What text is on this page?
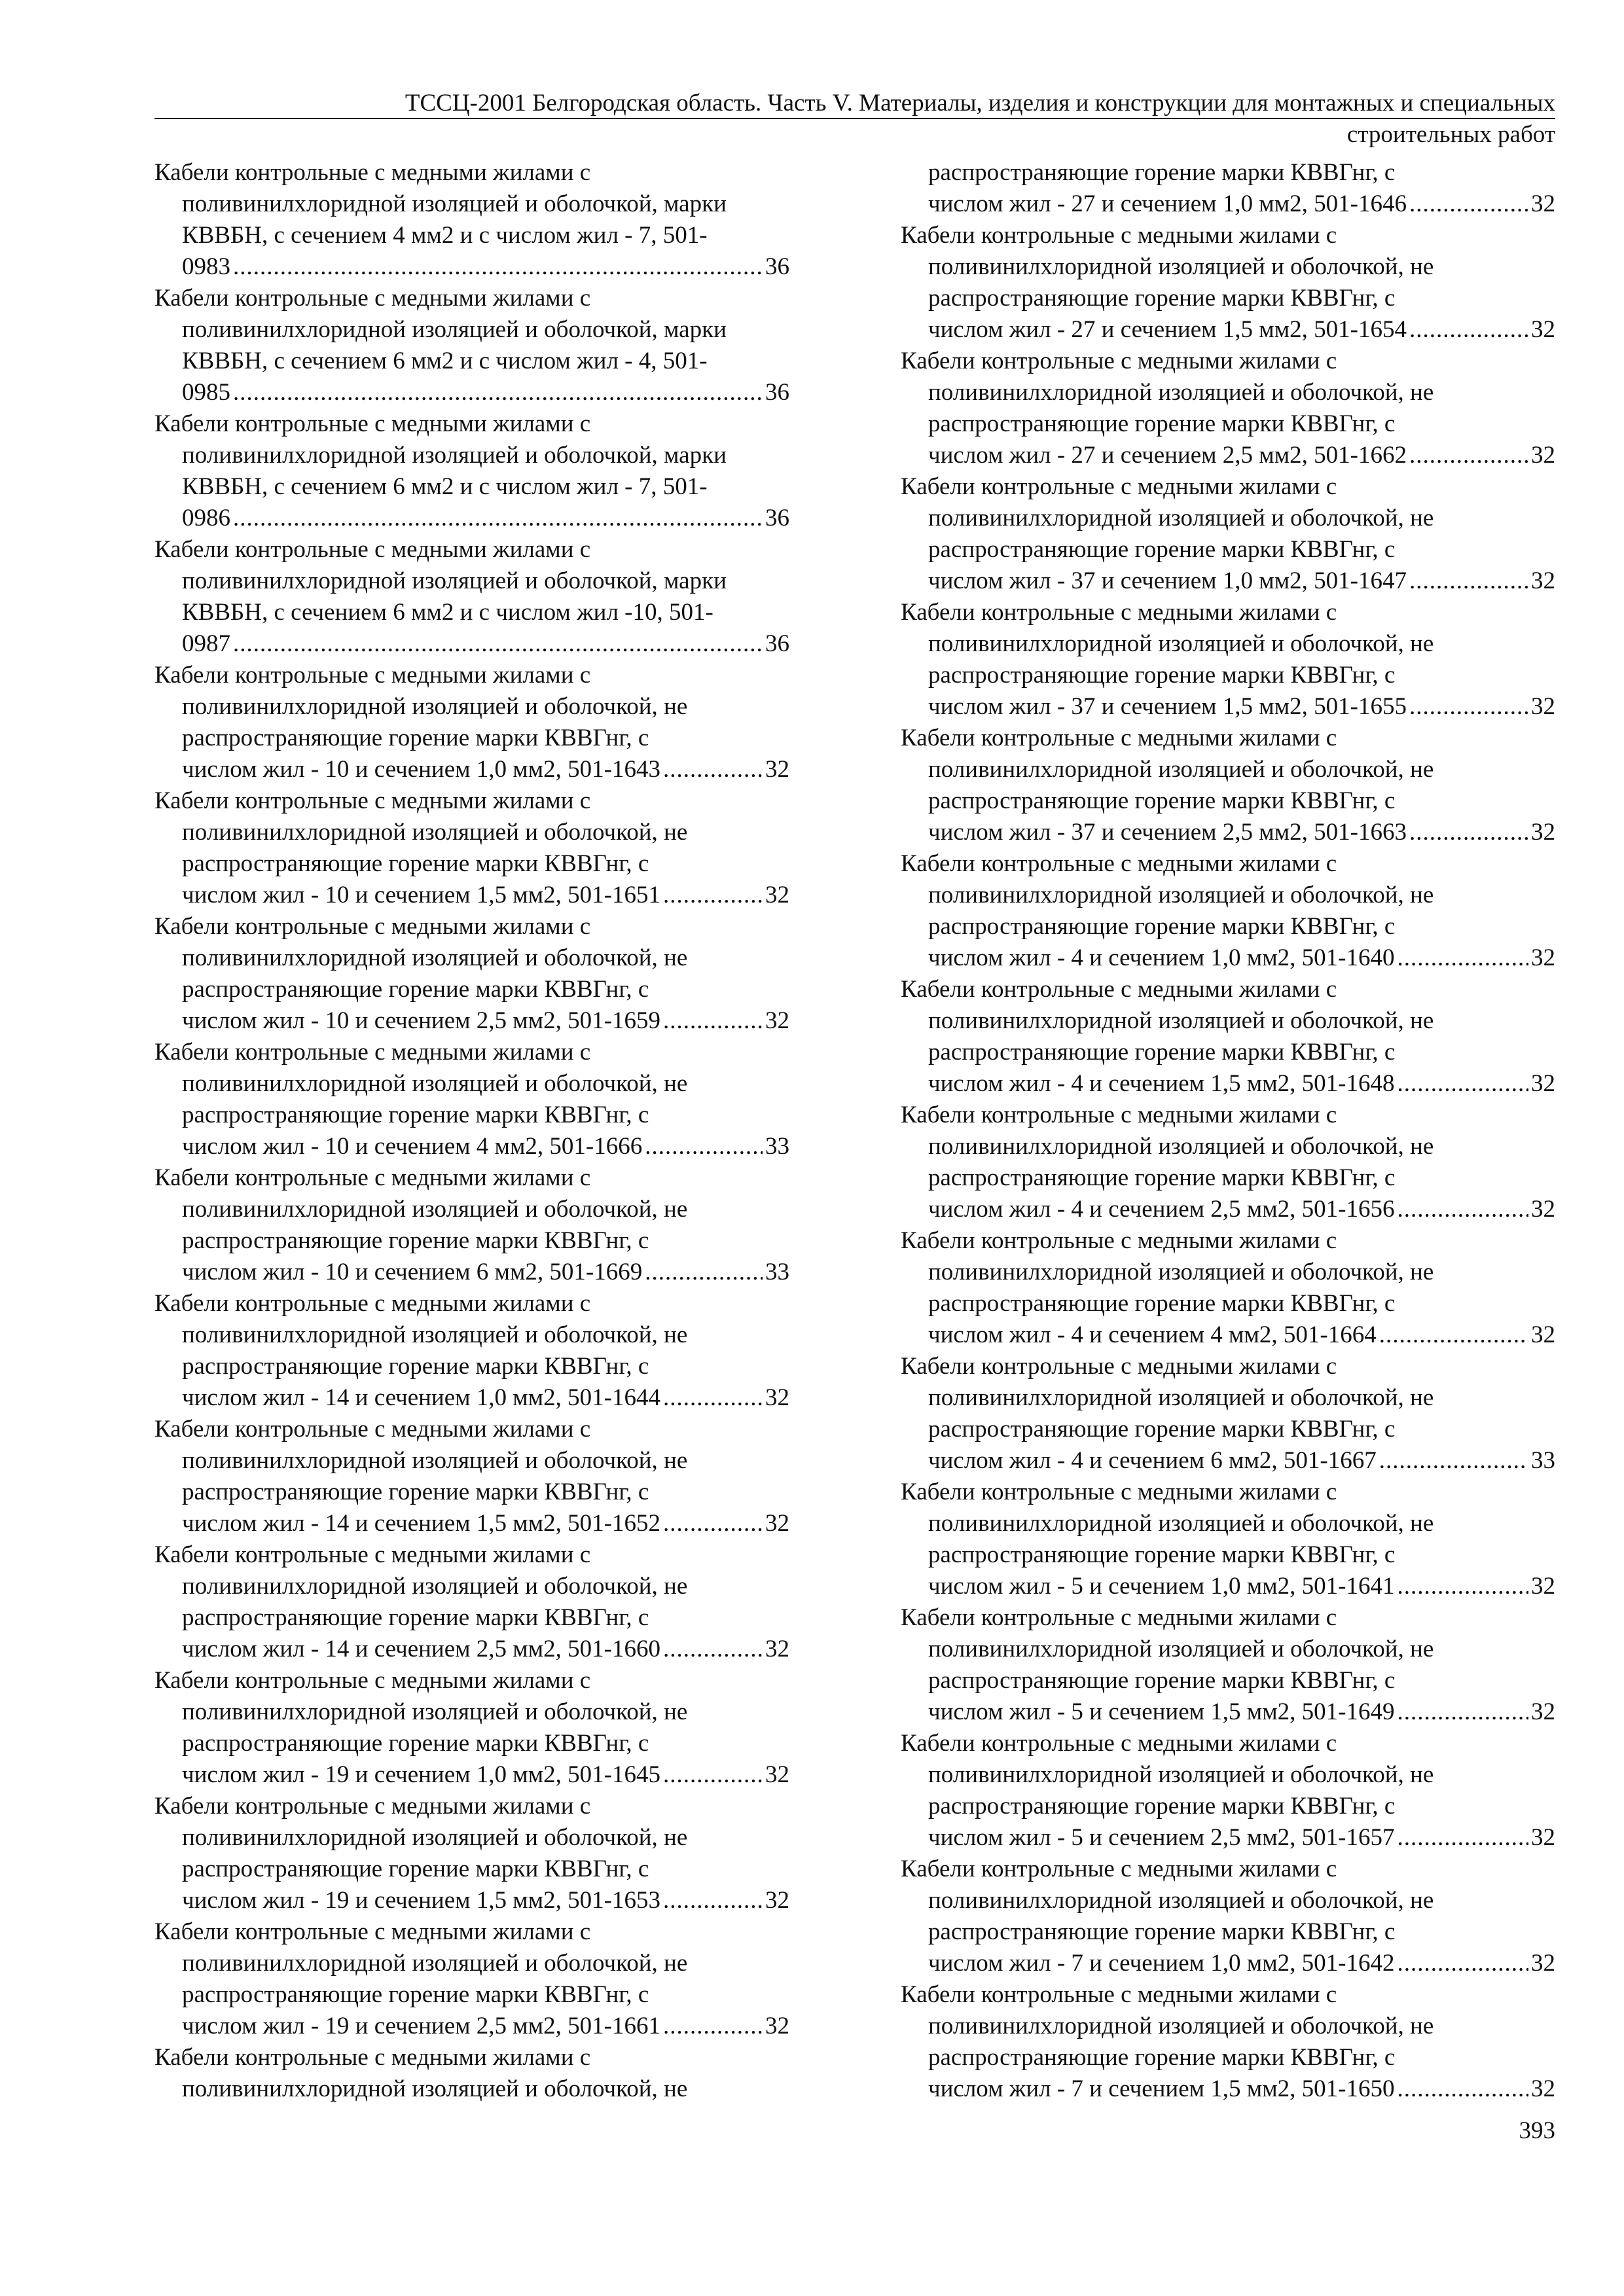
ТССЦ-2001 Белгородская область. Часть V. Материалы, изделия и конструкции для монтажных и специальных
строительных работ
Кабели контрольные с медными жилами с
поливинилхлоридной изоляцией и оболочкой, марки
КВВБН, с сечением 4 мм2 и с числом жил - 7, 501-
0983 .....	36
Кабели контрольные с медными жилами с
поливинилхлоридной изоляцией и оболочкой, марки
КВВБН, с сечением 6 мм2 и с числом жил - 4, 501-
0985 .....	36
Кабели контрольные с медными жилами с
поливинилхлоридной изоляцией и оболочкой, марки
КВВБН, с сечением 6 мм2 и с числом жил - 7, 501-
0986 .....	36
Кабели контрольные с медными жилами с
поливинилхлоридной изоляцией и оболочкой, марки
КВВБН, с сечением 6 мм2 и с числом жил -10, 501-
0987 .....	36
Кабели контрольные с медными жилами с
поливинилхлоридной изоляцией и оболочкой, не
распространяющие горение марки КВВГнг, с
числом жил - 10 и сечением 1,0 мм2, 501-1643 .....	32
Кабели контрольные с медными жилами с
поливинилхлоридной изоляцией и оболочкой, не
распространяющие горение марки КВВГнг, с
числом жил - 10 и сечением 1,5 мм2, 501-1651 .....	32
Кабели контрольные с медными жилами с
поливинилхлоридной изоляцией и оболочкой, не
распространяющие горение марки КВВГнг, с
числом жил - 10 и сечением 2,5 мм2, 501-1659 .....	32
Кабели контрольные с медными жилами с
поливинилхлоридной изоляцией и оболочкой, не
распространяющие горение марки КВВГнг, с
числом жил - 10 и сечением 4 мм2, 501-1666 .....	33
Кабели контрольные с медными жилами с
поливинилхлоридной изоляцией и оболочкой, не
распространяющие горение марки КВВГнг, с
числом жил - 10 и сечением 6 мм2, 501-1669 .....	33
Кабели контрольные с медными жилами с
поливинилхлоридной изоляцией и оболочкой, не
распространяющие горение марки КВВГнг, с
числом жил - 14 и сечением 1,0 мм2, 501-1644 .....	32
Кабели контрольные с медными жилами с
поливинилхлоридной изоляцией и оболочкой, не
распространяющие горение марки КВВГнг, с
числом жил - 14 и сечением 1,5 мм2, 501-1652 .....	32
Кабели контрольные с медными жилами с
поливинилхлоридной изоляцией и оболочкой, не
распространяющие горение марки КВВГнг, с
числом жил - 14 и сечением 2,5 мм2, 501-1660 .....	32
Кабели контрольные с медными жилами с
поливинилхлоридной изоляцией и оболочкой, не
распространяющие горение марки КВВГнг, с
числом жил - 19 и сечением 1,0 мм2, 501-1645 .....	32
Кабели контрольные с медными жилами с
поливинилхлоридной изоляцией и оболочкой, не
распространяющие горение марки КВВГнг, с
числом жил - 19 и сечением 1,5 мм2, 501-1653 .....	32
Кабели контрольные с медными жилами с
поливинилхлоридной изоляцией и оболочкой, не
распространяющие горение марки КВВГнг, с
числом жил - 19 и сечением 2,5 мм2, 501-1661 .....	32
Кабели контрольные с медными жилами с
поливинилхлоридной изоляцией и оболочкой, не
распространяющие горение марки КВВГнг, с
числом жил - 27 и сечением 1,0 мм2, 501-1646 .....	32
Кабели контрольные с медными жилами с
поливинилхлоридной изоляцией и оболочкой, не
распространяющие горение марки КВВГнг, с
числом жил - 27 и сечением 1,5 мм2, 501-1654 .....	32
Кабели контрольные с медными жилами с
поливинилхлоридной изоляцией и оболочкой, не
распространяющие горение марки КВВГнг, с
числом жил - 27 и сечением 2,5 мм2, 501-1662 .....	32
Кабели контрольные с медными жилами с
поливинилхлоридной изоляцией и оболочкой, не
распространяющие горение марки КВВГнг, с
числом жил - 37 и сечением 1,0 мм2, 501-1647 .....	32
Кабели контрольные с медными жилами с
поливинилхлоридной изоляцией и оболочкой, не
распространяющие горение марки КВВГнг, с
числом жил - 37 и сечением 1,5 мм2, 501-1655 .....	32
Кабели контрольные с медными жилами с
поливинилхлоридной изоляцией и оболочкой, не
распространяющие горение марки КВВГнг, с
числом жил - 37 и сечением 2,5 мм2, 501-1663 .....	32
Кабели контрольные с медными жилами с
поливинилхлоридной изоляцией и оболочкой, не
распространяющие горение марки КВВГнг, с
числом жил - 4 и сечением 1,0 мм2, 501-1640 .....	32
Кабели контрольные с медными жилами с
поливинилхлоридной изоляцией и оболочкой, не
распространяющие горение марки КВВГнг, с
числом жил - 4 и сечением 1,5 мм2, 501-1648 .....	32
Кабели контрольные с медными жилами с
поливинилхлоридной изоляцией и оболочкой, не
распространяющие горение марки КВВГнг, с
числом жил - 4 и сечением 2,5 мм2, 501-1656 .....	32
Кабели контрольные с медными жилами с
поливинилхлоридной изоляцией и оболочкой, не
распространяющие горение марки КВВГнг, с
числом жил - 4 и сечением 4 мм2, 501-1664 .....	32
Кабели контрольные с медными жилами с
поливинилхлоридной изоляцией и оболочкой, не
распространяющие горение марки КВВГнг, с
числом жил - 4 и сечением 6 мм2, 501-1667 .....	33
Кабели контрольные с медными жилами с
поливинилхлоридной изоляцией и оболочкой, не
распространяющие горение марки КВВГнг, с
числом жил - 5 и сечением 1,0 мм2, 501-1641 .....	32
Кабели контрольные с медными жилами с
поливинилхлоридной изоляцией и оболочкой, не
распространяющие горение марки КВВГнг, с
числом жил - 5 и сечением 1,5 мм2, 501-1649 .....	32
Кабели контрольные с медными жилами с
поливинилхлоридной изоляцией и оболочкой, не
распространяющие горение марки КВВГнг, с
числом жил - 5 и сечением 2,5 мм2, 501-1657 .....	32
Кабели контрольные с медными жилами с
поливинилхлоридной изоляцией и оболочкой, не
распространяющие горение марки КВВГнг, с
числом жил - 7 и сечением 1,0 мм2, 501-1642 .....	32
Кабели контрольные с медными жилами с
поливинилхлоридной изоляцией и оболочкой, не
распространяющие горение марки КВВГнг, с
числом жил - 7 и сечением 1,5 мм2, 501-1650 .....	32
393
